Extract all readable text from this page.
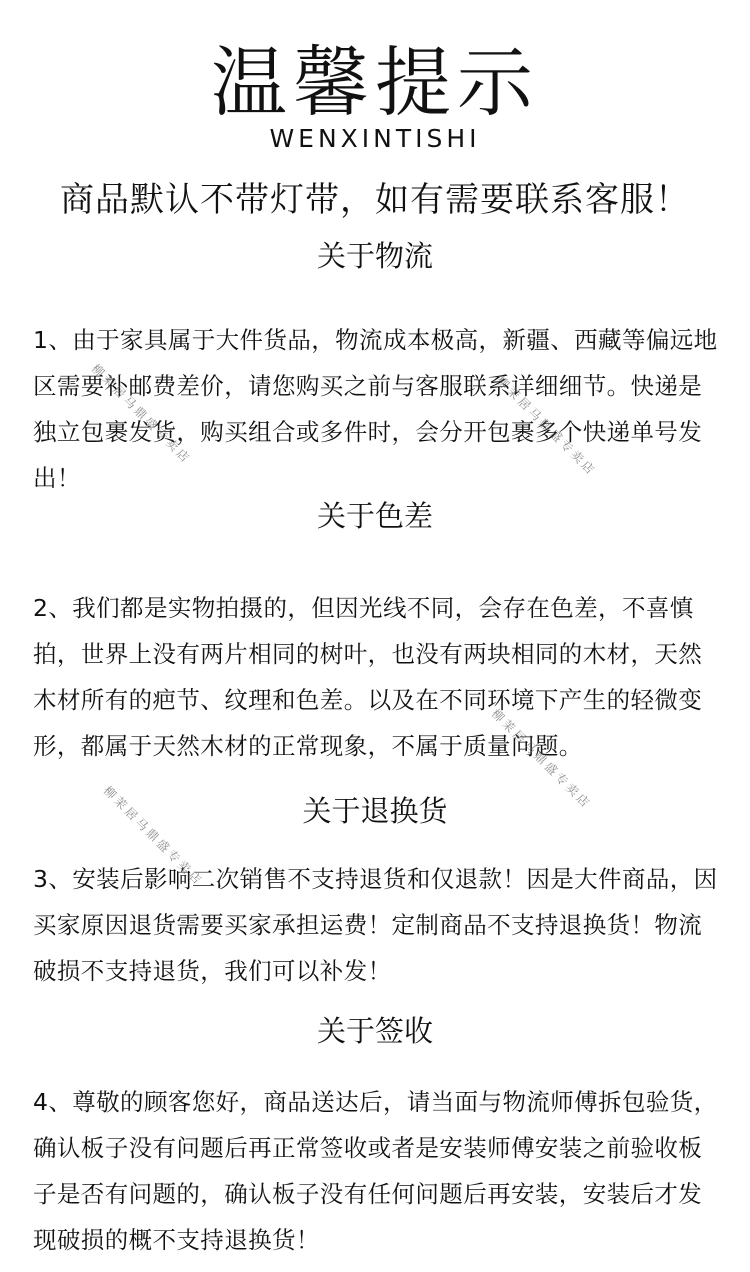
温馨提示
WENXINTISHI
商品默认不带灯带，如有需要联系客服！
关于物流
1、由于家具属于大件货品，物流成本极高，新疆、西藏等偏远地区需要补邮费差价，请您购买之前与客服联系详细细节。快递是独立包裹发货，购买组合或多件时，会分开包裹多个快递单号发出！
关于色差
2、我们都是实物拍摄的，但因光线不同，会存在色差，不喜慎拍，世界上没有两片相同的树叶，也没有两块相同的木材，天然木材所有的疤节、纹理和色差。以及在不同环境下产生的轻微变形，都属于天然木材的正常现象，不属于质量问题。
关于退换货
3、安装后影响二次销售不支持退货和仅退款！因是大件商品，因买家原因退货需要买家承担运费！定制商品不支持退换货！物流破损不支持退货，我们可以补发！
关于签收
4、尊敬的顾客您好，商品送达后，请当面与物流师傅拆包验货，确认板子没有问题后再正常签收或者是安装师傅安装之前验收板子是否有问题的，确认板子没有任何问题后再安装，安装后才发现破损的概不支持退换货！
柳茉居马鼎盛专卖店	柳茉居马鼎盛专卖店
柳茉居马鼎盛专卖店
柳茉居马鼎盛专卖店
